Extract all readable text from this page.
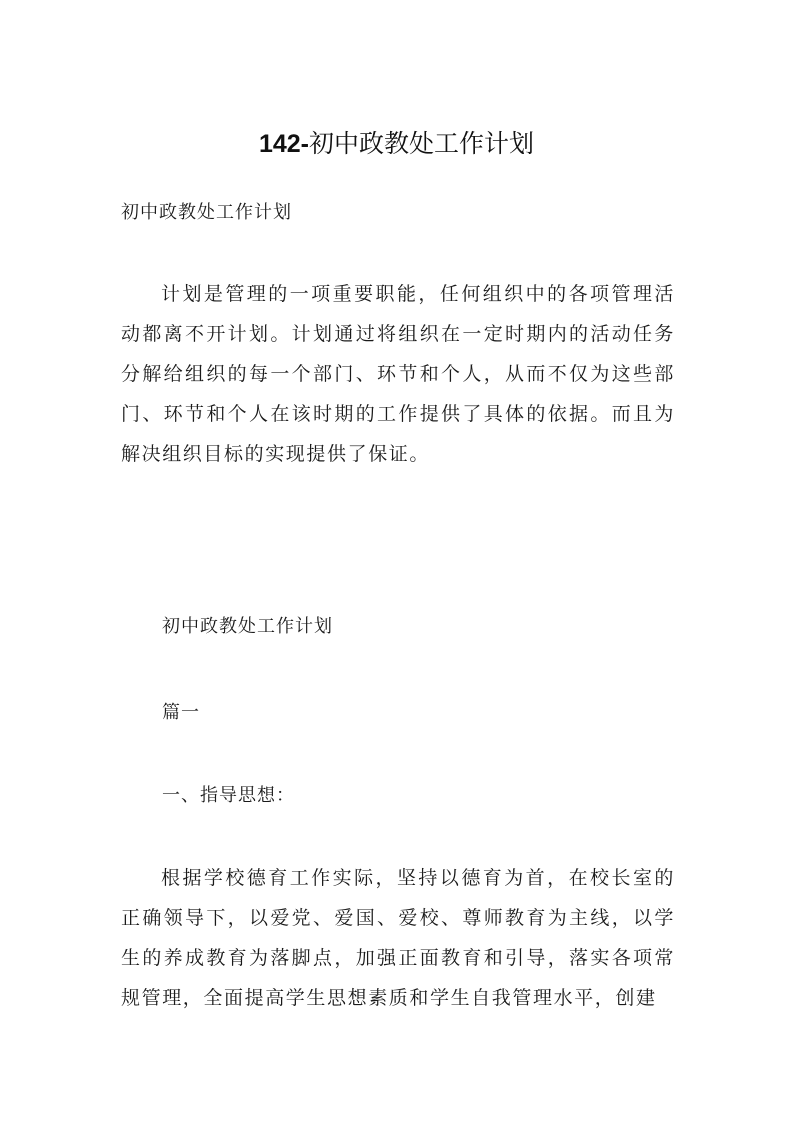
142-初中政教处工作计划
初中政教处工作计划
计划是管理的一项重要职能，任何组织中的各项管理活动都离不开计划。计划通过将组织在一定时期内的活动任务分解给组织的每一个部门、环节和个人，从而不仅为这些部门、环节和个人在该时期的工作提供了具体的依据。而且为解决组织目标的实现提供了保证。
初中政教处工作计划
篇一
一、指导思想：
根据学校德育工作实际，坚持以德育为首，在校长室的正确领导下，以爱党、爱国、爱校、尊师教育为主线，以学生的养成教育为落脚点，加强正面教育和引导，落实各项常规管理，全面提高学生思想素质和学生自我管理水平，创建
